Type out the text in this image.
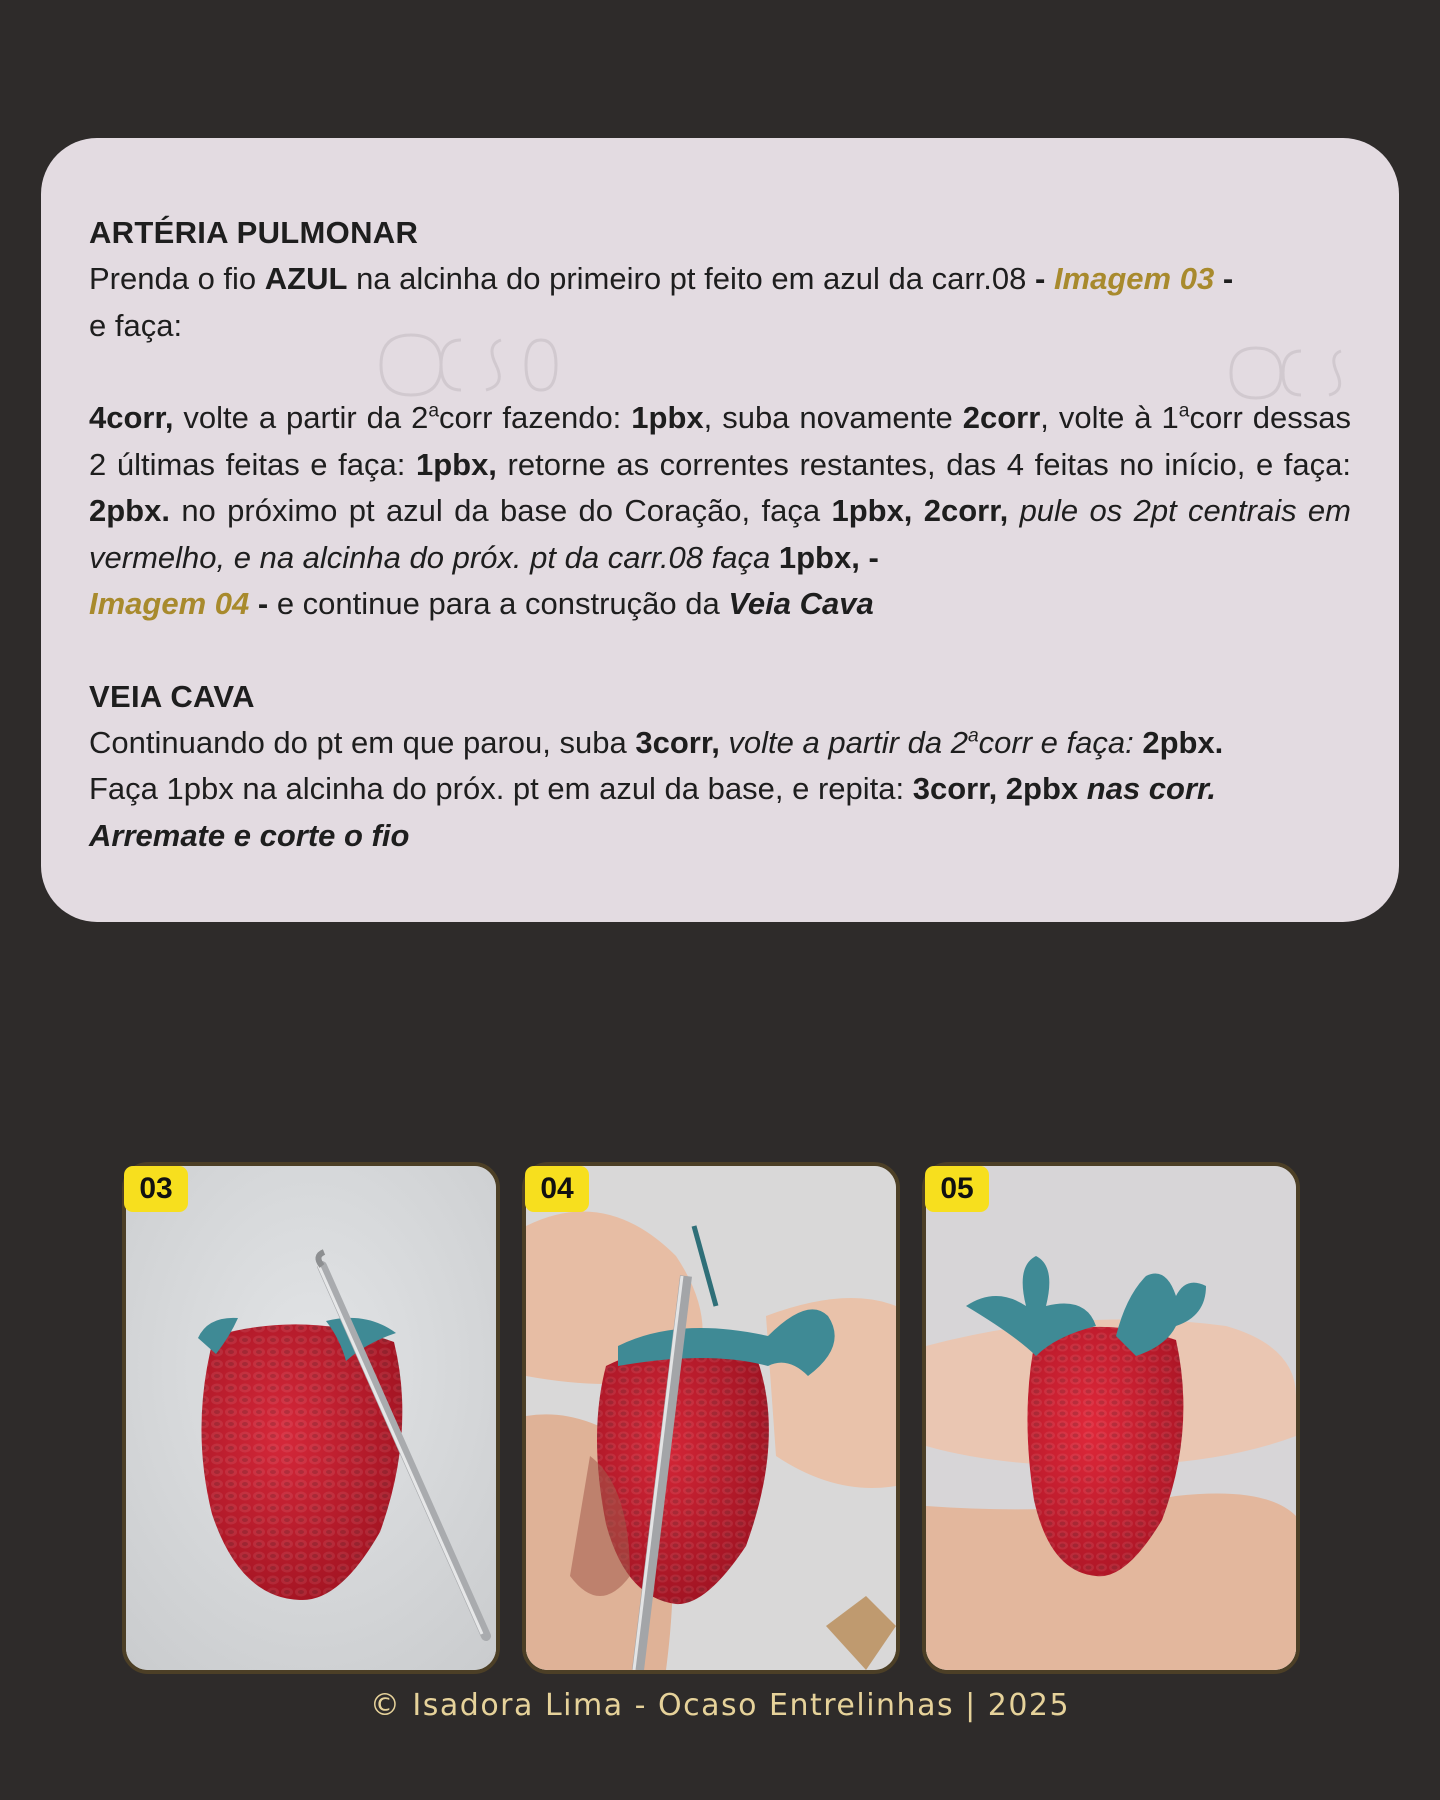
ARTÉRIA PULMONAR

Prenda o fio AZUL na alcinha do primeiro pt feito em azul da carr.08 - Imagem 03 -
e faça:

4corr, volte a partir da 2$^a$corr fazendo: 1pbx, suba novamente 2corr, volte à 1$^a$corr dessas 2 últimas feitas e faça: 1pbx, retorne as correntes restantes, das 4 feitas no início, e faça: 2pbx. no próximo pt azul da base do Coração, faça 1pbx, 2corr, pule os 2pt centrais em vermelho, e na alcinha do próx. pt da carr.08 faça 1pbx, -
Imagem 04 - e continue para a construção da Veia Cava

VEIA CAVA

Continuando do pt em que parou, suba 3corr, volte a partir da 2$^a$corr e faça: 2pbx.
Faça 1pbx na alcinha do próx. pt em azul da base, e repita: 3corr, 2pbx nas corr.
Arremate e corte o fio

03	04	05
© Isadora Lima - Ocaso Entrelinhas | 2025
